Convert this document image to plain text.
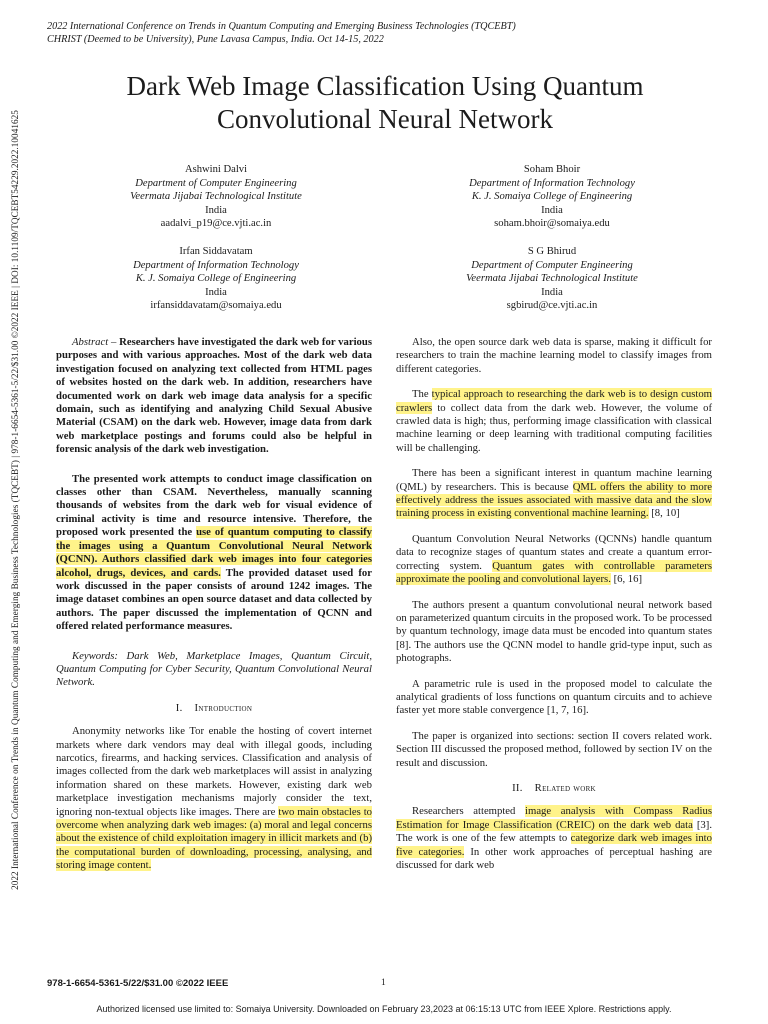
2022 International Conference on Trends in Quantum Computing and Emerging Business Technologies (TQCEBT)
CHRIST (Deemed to be University), Pune Lavasa Campus, India. Oct 14-15, 2022
2022 International Conference on Trends in Quantum Computing and Emerging Business Technologies (TQCEBT) | 978-1-6654-5361-5/22/$31.00 ©2022 IEEE | DOI: 10.1109/TQCEBT54229.2022.10041625
Dark Web Image Classification Using Quantum
Convolutional Neural Network
Ashwini Dalvi
Department of Computer Engineering
Veermata Jijabai Technological Institute
India
aadalvi_p19@ce.vjti.ac.in
Soham Bhoir
Department of Information Technology
K. J. Somaiya College of Engineering
India
soham.bhoir@somaiya.edu
Irfan Siddavatam
Department of Information Technology
K. J. Somaiya College of Engineering
India
irfansiddavatam@somaiya.edu
S G Bhirud
Department of Computer Engineering
Veermata Jijabai Technological Institute
India
sgbirud@ce.vjti.ac.in

Abstract – Researchers have investigated the dark web for various purposes and with various approaches. Most of the dark web data investigation focused on analyzing text collected from HTML pages of websites hosted on the dark web. In addition, researchers have documented work on dark web image data analysis for a specific domain, such as identifying and analyzing Child Sexual Abusive Material (CSAM) on the dark web. However, image data from dark web marketplace postings and forums could also be helpful in forensic analysis of the dark web investigation.

The presented work attempts to conduct image classification on classes other than CSAM. Nevertheless, manually scanning thousands of websites from the dark web for visual evidence of criminal activity is time and resource intensive. Therefore, the proposed work presented the use of quantum computing to classify the images using a Quantum Convolutional Neural Network (QCNN). Authors classified dark web images into four categories alcohol, drugs, devices, and cards. The provided dataset used for work discussed in the paper consists of around 1242 images. The image dataset combines an open source dataset and data collected by authors. The paper discussed the implementation of QCNN and offered related performance measures.

Keywords: Dark Web, Marketplace Images, Quantum Circuit, Quantum Computing for Cyber Security, Quantum Convolutional Neural Network.

I. Introduction

Anonymity networks like Tor enable the hosting of covert internet markets where dark vendors may deal with illegal goods, including narcotics, firearms, and hacking services. Classification and analysis of images collected from the dark web marketplaces will assist in analyzing information shared on these markets. However, existing dark web marketplace investigation mechanisms majorly consider the text, ignoring non-textual objects like images. There are two main obstacles to overcome when analyzing dark web images: (a) moral and legal concerns about the existence of child exploitation imagery in illicit markets and (b) the computational burden of downloading, processing, analysing, and storing image content.

Also, the open source dark web data is sparse, making it difficult for researchers to train the machine learning model to classify images from different categories.

The typical approach to researching the dark web is to design custom crawlers to collect data from the dark web. However, the volume of crawled data is high; thus, performing image classification with classical machine learning or deep learning with traditional computing facilities will be challenging.

There has been a significant interest in quantum machine learning (QML) by researchers. This is because QML offers the ability to more effectively address the issues associated with massive data and the slow training process in existing conventional machine learning. [8, 10]

Quantum Convolution Neural Networks (QCNNs) handle quantum data to recognize stages of quantum states and create a quantum error-correcting system. Quantum gates with controllable parameters approximate the pooling and convolutional layers. [6, 16]

The authors present a quantum convolutional neural network based on parameterized quantum circuits in the proposed work. To be processed by quantum technology, image data must be encoded into quantum states [8]. The authors use the QCNN model to handle grid-type input, such as photographs.

A parametric rule is used in the proposed model to calculate the analytical gradients of loss functions on quantum circuits and to achieve faster yet more stable convergence [1, 7, 16].

The paper is organized into sections: section II covers related work. Section III discussed the proposed method, followed by section IV on the result and discussion.

II. Related work

Researchers attempted image analysis with Compass Radius Estimation for Image Classification (CREIC) on the dark web data [3]. The work is one of the few attempts to categorize dark web images into five categories. In other work approaches of perceptual hashing are discussed for dark web

978-1-6654-5361-5/22/$31.00 ©2022 IEEE	1
Authorized licensed use limited to: Somaiya University. Downloaded on February 23,2023 at 06:15:13 UTC from IEEE Xplore. Restrictions apply.
